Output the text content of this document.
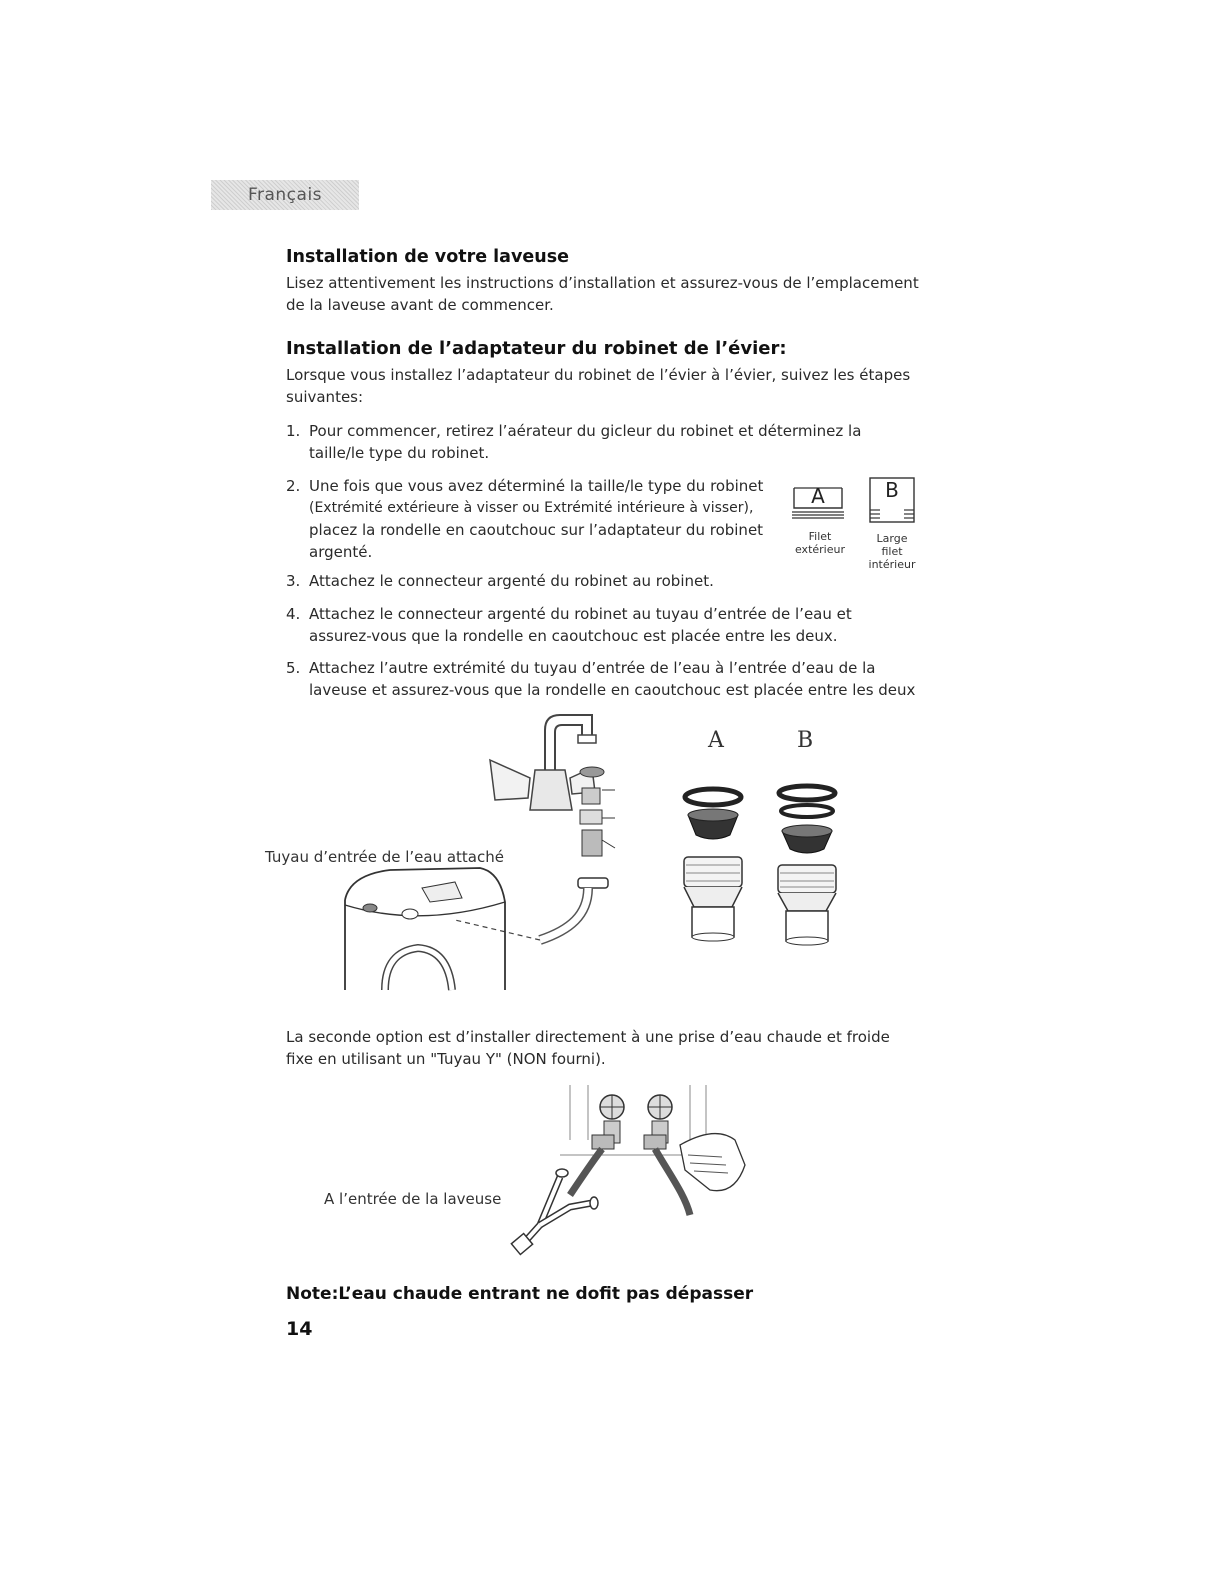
Français
Installation de votre laveuse
Lisez attentivement les instructions d’installation et assurez-vous de l’emplacement de la laveuse avant de commencer.
Installation de l’adaptateur du robinet de l’évier:
Lorsque vous installez l’adaptateur du robinet de l’évier à l’évier, suivez les étapes suivantes:
1. Pour commencer, retirez l’aérateur du gicleur du robinet et déterminez la
taille/le type du robinet.
2. Une fois que vous avez déterminé la taille/le type du robinet
(Extrémité extérieure à visser ou Extrémité intérieure à visser),
placez la rondelle en caoutchouc sur l’adaptateur du robinet
argenté.
A
Filet
extérieur
B
Large
filet
intérieur
3. Attachez le connecteur argenté du robinet au robinet.
4. Attachez le connecteur argenté du robinet au tuyau d’entrée de l’eau et
assurez-vous que la rondelle en caoutchouc est placée entre les deux.
5. Attachez l’autre extrémité du tuyau d’entrée de l’eau à l’entrée d’eau de la
laveuse et assurez-vous que la rondelle en caoutchouc est placée entre les deux
Tuyau d’entrée de l’eau attaché
A	B
La seconde option est d’installer directement à une prise d’eau chaude et froide
fixe en utilisant un "Tuyau Y" (NON fourni).
A l’entrée de la laveuse
Note:L’eau chaude entrant ne dofit pas dépasser
14
